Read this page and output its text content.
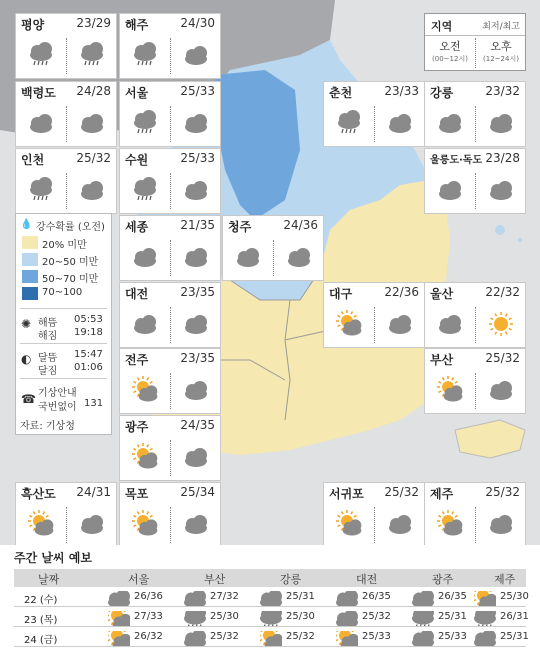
평양	23/29 해주	24/30
백령도 24/28 서울	25/33	춘천	23/33 강릉	23/32
인천	25/32 수원	25/33	울릉도·독도 23/28
세종	21/35 청주	24/36
대전	23/35	대구	22/36 울산	22/32
전주	23/35	부산	25/32
광주	24/35
흑산도 24/31 목포	25/34	서귀포 25/32 제주	25/32
지역	최저/최고
오전
(00~12시)
오후
(12~24시)
💧 강수확률 (오전)
20% 미만
20~50 미만
50~70 미만
70~100
✺ 해뜸 05:53
해짐 19:18
◐ 달뜸 15:47
달짐 01:06
☎ 기상안내
국번없이 131
자료: 기상청
주간 날씨 예보
날짜	서울	부산	강릉	대전	광주	제주
22 (수)	26/36	27/32	25/31	26/35	26/35	25/30
23 (목)	27/33	25/30	25/30	25/32	25/31	26/31
24 (금)	26/32	25/32	25/32	25/33	25/33	25/31
